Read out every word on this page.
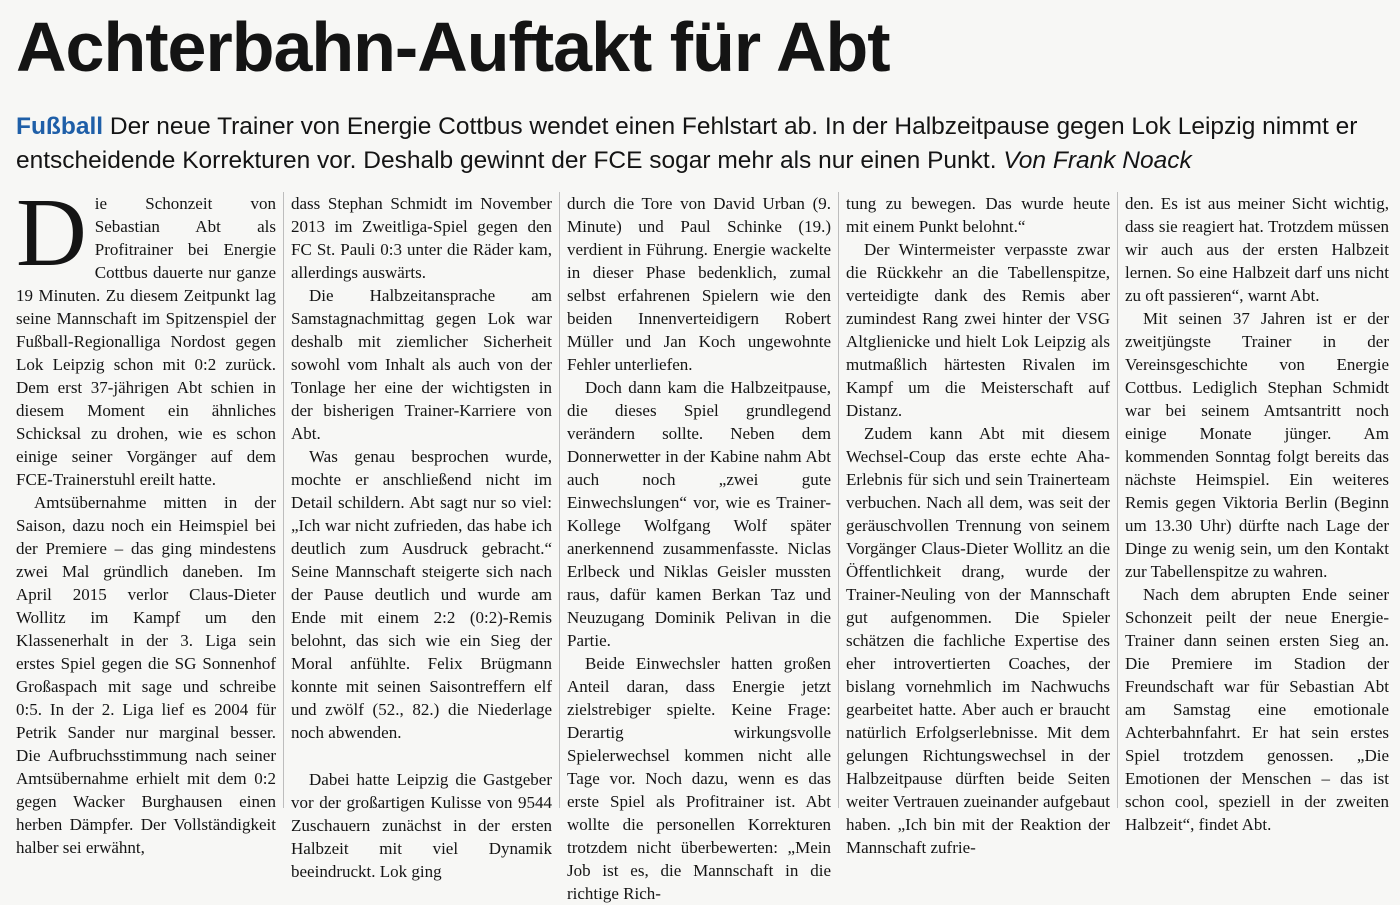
Achterbahn-Auftakt für Abt

Fußball Der neue Trainer von Energie Cottbus wendet einen Fehlstart ab. In der Halbzeitpause gegen Lok Leipzig nimmt er entscheidende Korrekturen vor. Deshalb gewinnt der FCE sogar mehr als nur einen Punkt. Von Frank Noack

Die Schonzeit von Sebastian Abt als Profitrainer bei Energie Cottbus dauerte nur ganze 19 Minuten. Zu diesem Zeitpunkt lag seine Mannschaft im Spitzenspiel der Fußball-Regionalliga Nordost gegen Lok Leipzig schon mit 0:2 zurück. Dem erst 37-jährigen Abt schien in diesem Moment ein ähnliches Schicksal zu drohen, wie es schon einige seiner Vorgänger auf dem FCE-Trainerstuhl ereilt hatte.

Amtsübernahme mitten in der Saison, dazu noch ein Heimspiel bei der Premiere – das ging mindestens zwei Mal gründlich daneben. Im April 2015 verlor Claus-Dieter Wollitz im Kampf um den Klassenerhalt in der 3. Liga sein erstes Spiel gegen die SG Sonnenhof Großaspach mit sage und schreibe 0:5. In der 2. Liga lief es 2004 für Petrik Sander nur marginal besser. Die Aufbruchsstimmung nach seiner Amtsübernahme erhielt mit dem 0:2 gegen Wacker Burghausen einen herben Dämpfer. Der Vollständigkeit halber sei erwähnt,

dass Stephan Schmidt im November 2013 im Zweitliga-Spiel gegen den FC St. Pauli 0:3 unter die Räder kam, allerdings auswärts.

Die Halbzeitansprache am Samstagnachmittag gegen Lok war deshalb mit ziemlicher Sicherheit sowohl vom Inhalt als auch von der Tonlage her eine der wichtigsten in der bisherigen Trainer-Karriere von Abt.

Was genau besprochen wurde, mochte er anschließend nicht im Detail schildern. Abt sagt nur so viel: „Ich war nicht zufrieden, das habe ich deutlich zum Ausdruck gebracht.“ Seine Mannschaft steigerte sich nach der Pause deutlich und wurde am Ende mit einem 2:2 (0:2)-Remis belohnt, das sich wie ein Sieg der Moral anfühlte. Felix Brügmann konnte mit seinen Saisontreffern elf und zwölf (52., 82.) die Niederlage noch abwenden.

Dabei hatte Leipzig die Gastgeber vor der großartigen Kulisse von 9544 Zuschauern zunächst in der ersten Halbzeit mit viel Dynamik beeindruckt. Lok ging

durch die Tore von David Urban (9. Minute) und Paul Schinke (19.) verdient in Führung. Energie wackelte in dieser Phase bedenklich, zumal selbst erfahrenen Spielern wie den beiden Innenverteidigern Robert Müller und Jan Koch ungewohnte Fehler unterliefen.

Doch dann kam die Halbzeitpause, die dieses Spiel grundlegend verändern sollte. Neben dem Donnerwetter in der Kabine nahm Abt auch noch „zwei gute Einwechslungen“ vor, wie es Trainer-Kollege Wolfgang Wolf später anerkennend zusammenfasste. Niclas Erlbeck und Niklas Geisler mussten raus, dafür kamen Berkan Taz und Neuzugang Dominik Pelivan in die Partie.

Beide Einwechsler hatten großen Anteil daran, dass Energie jetzt zielstrebiger spielte. Keine Frage: Derartig wirkungsvolle Spielerwechsel kommen nicht alle Tage vor. Noch dazu, wenn es das erste Spiel als Profitrainer ist. Abt wollte die personellen Korrekturen trotzdem nicht überbewerten: „Mein Job ist es, die Mannschaft in die richtige Rich-

tung zu bewegen. Das wurde heute mit einem Punkt belohnt.“

Der Wintermeister verpasste zwar die Rückkehr an die Tabellenspitze, verteidigte dank des Remis aber zumindest Rang zwei hinter der VSG Altglienicke und hielt Lok Leipzig als mutmaßlich härtesten Rivalen im Kampf um die Meisterschaft auf Distanz.

Zudem kann Abt mit diesem Wechsel-Coup das erste echte Aha-Erlebnis für sich und sein Trainerteam verbuchen. Nach all dem, was seit der geräuschvollen Trennung von seinem Vorgänger Claus-Dieter Wollitz an die Öffentlichkeit drang, wurde der Trainer-Neuling von der Mannschaft gut aufgenommen. Die Spieler schätzen die fachliche Expertise des eher introvertierten Coaches, der bislang vornehmlich im Nachwuchs gearbeitet hatte. Aber auch er braucht natürlich Erfolgserlebnisse. Mit dem gelungen Richtungswechsel in der Halbzeitpause dürften beide Seiten weiter Vertrauen zueinander aufgebaut haben. „Ich bin mit der Reaktion der Mannschaft zufrie-

den. Es ist aus meiner Sicht wichtig, dass sie reagiert hat. Trotzdem müssen wir auch aus der ersten Halbzeit lernen. So eine Halbzeit darf uns nicht zu oft passieren“, warnt Abt.

Mit seinen 37 Jahren ist er der zweitjüngste Trainer in der Vereinsgeschichte von Energie Cottbus. Lediglich Stephan Schmidt war bei seinem Amtsantritt noch einige Monate jünger. Am kommenden Sonntag folgt bereits das nächste Heimspiel. Ein weiteres Remis gegen Viktoria Berlin (Beginn um 13.30 Uhr) dürfte nach Lage der Dinge zu wenig sein, um den Kontakt zur Tabellenspitze zu wahren.

Nach dem abrupten Ende seiner Schonzeit peilt der neue Energie-Trainer dann seinen ersten Sieg an. Die Premiere im Stadion der Freundschaft war für Sebastian Abt am Samstag eine emotionale Achterbahnfahrt. Er hat sein erstes Spiel trotzdem genossen. „Die Emotionen der Menschen – das ist schon cool, speziell in der zweiten Halbzeit“, findet Abt.
